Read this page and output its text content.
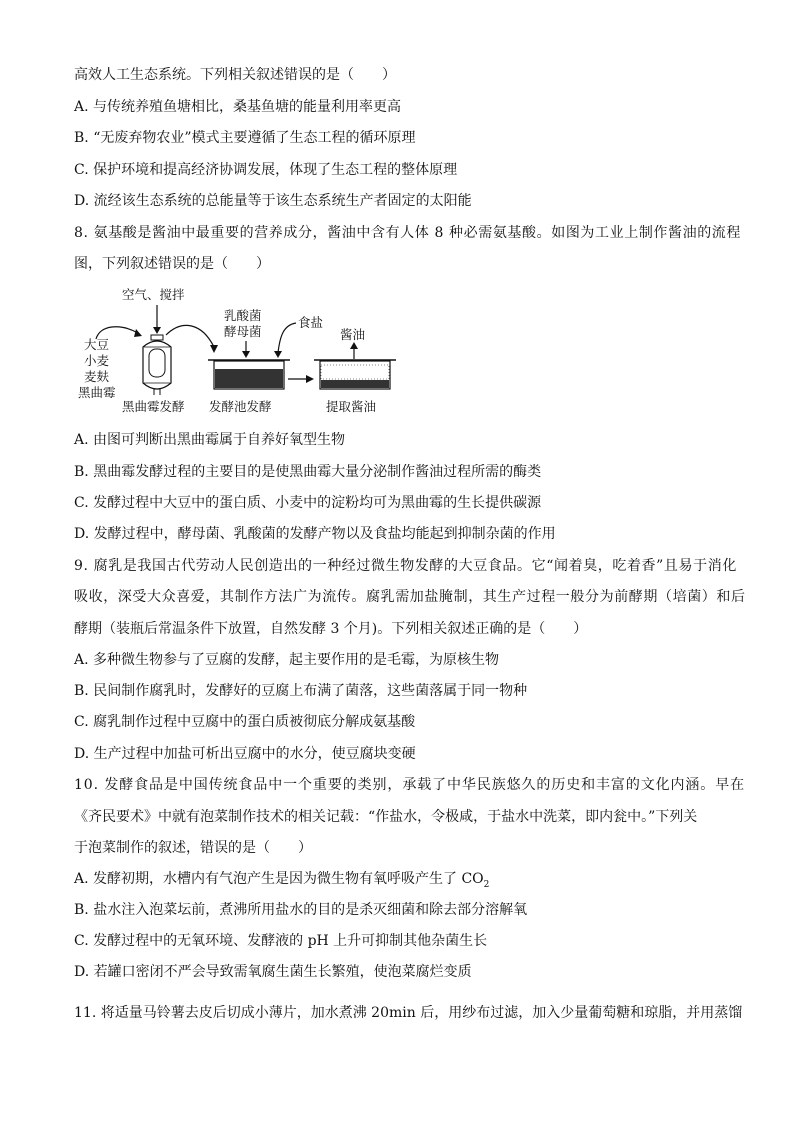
高效人工生态系统。下列相关叙述错误的是（　　）
A. 与传统养殖鱼塘相比，桑基鱼塘的能量利用率更高
B. “无废弃物农业”模式主要遵循了生态工程的循环原理
C. 保护环境和提高经济协调发展，体现了生态工程的整体原理
D. 流经该生态系统的总能量等于该生态系统生产者固定的太阳能
8. 氨基酸是酱油中最重要的营养成分，酱油中含有人体 8 种必需氨基酸。如图为工业上制作酱油的流程
图，下列叙述错误的是（　　）
空气、搅拌
大豆
小麦
麦麸
黑曲霉
黑曲霉发酵
乳酸菌
酵母菌
食盐
发酵池发酵
酱油
提取酱油
A. 由图可判断出黑曲霉属于自养好氧型生物
B. 黑曲霉发酵过程的主要目的是使黑曲霉大量分泌制作酱油过程所需的酶类
C. 发酵过程中大豆中的蛋白质、小麦中的淀粉均可为黑曲霉的生长提供碳源
D. 发酵过程中，酵母菌、乳酸菌的发酵产物以及食盐均能起到抑制杂菌的作用
9. 腐乳是我国古代劳动人民创造出的一种经过微生物发酵的大豆食品。它“闻着臭，吃着香”且易于消化
吸收，深受大众喜爱，其制作方法广为流传。腐乳需加盐腌制，其生产过程一般分为前酵期（培菌）和后
酵期（装瓶后常温条件下放置，自然发酵 3 个月)。下列相关叙述正确的是（　　）
A. 多种微生物参与了豆腐的发酵，起主要作用的是毛霉，为原核生物
B. 民间制作腐乳时，发酵好的豆腐上布满了菌落，这些菌落属于同一物种
C. 腐乳制作过程中豆腐中的蛋白质被彻底分解成氨基酸
D. 生产过程中加盐可析出豆腐中的水分，使豆腐块变硬
10. 发酵食品是中国传统食品中一个重要的类别，承载了中华民族悠久的历史和丰富的文化内涵。早在
《齐民要术》中就有泡菜制作技术的相关记载：“作盐水，令极咸，于盐水中洗菜，即内瓮中。”下列关
于泡菜制作的叙述，错误的是（　　）
A. 发酵初期，水槽内有气泡产生是因为微生物有氧呼吸产生了 $CO_2$
B. 盐水注入泡菜坛前，煮沸所用盐水的目的是杀灭细菌和除去部分溶解氧
C. 发酵过程中的无氧环境、发酵液的 pH 上升可抑制其他杂菌生长
D. 若罐口密闭不严会导致需氧腐生菌生长繁殖，使泡菜腐烂变质
11. 将适量马铃薯去皮后切成小薄片，加水煮沸 20min 后，用纱布过滤，加入少量葡萄糖和琼脂，并用蒸馏
